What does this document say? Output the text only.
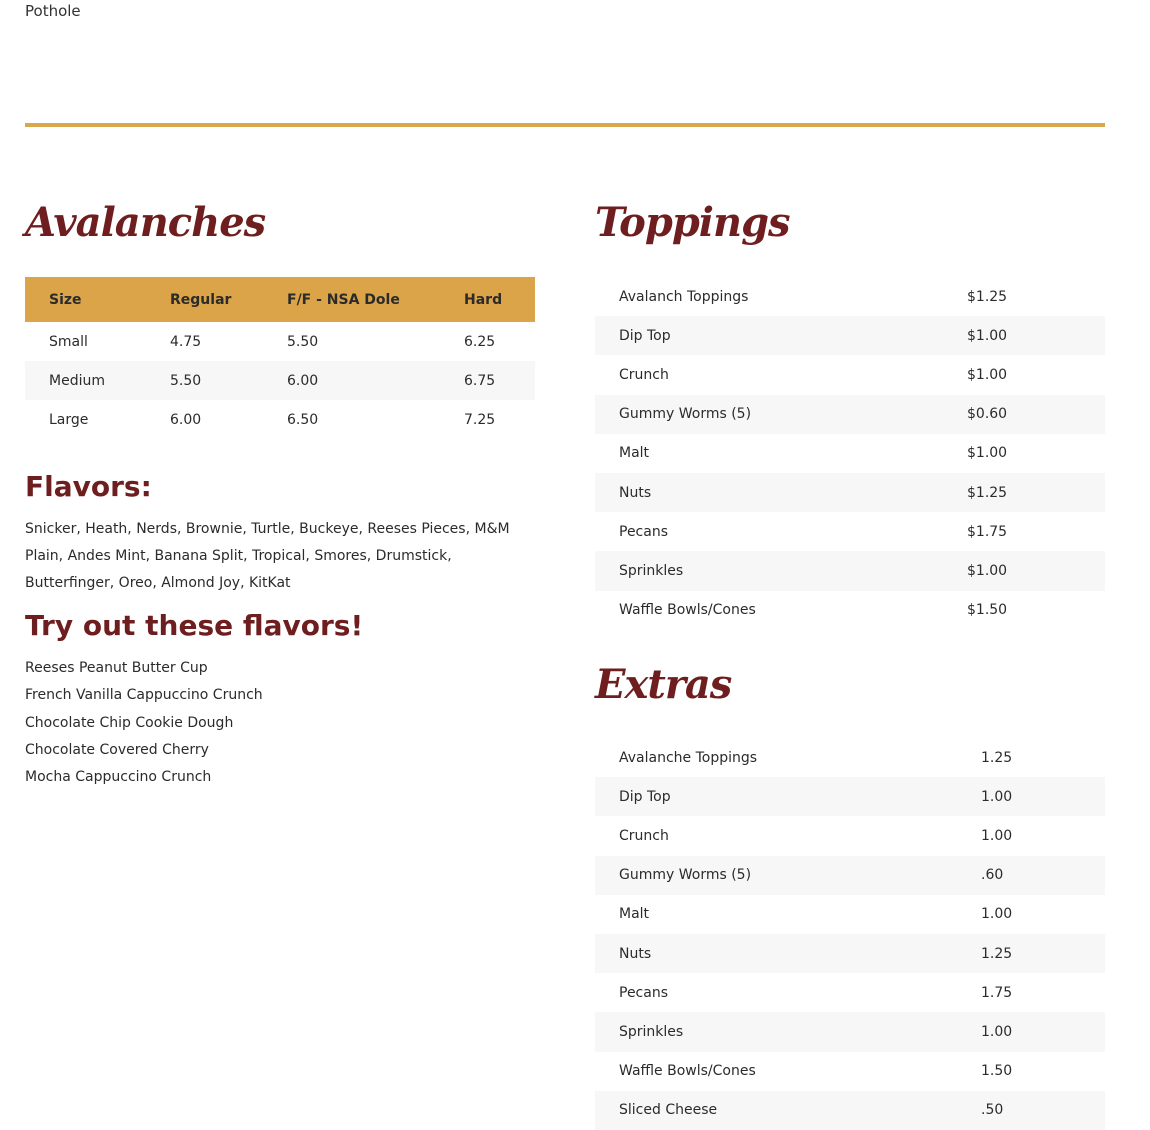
Pothole
Avalanches
Size	Regular	F/F - NSA Dole	Hard
Small	4.75	5.50	6.25
Medium	5.50	6.00	6.75
Large	6.00	6.50	7.25
Flavors:
Snicker, Heath, Nerds, Brownie, Turtle, Buckeye, Reeses Pieces, M&M Plain, Andes Mint, Banana Split, Tropical, Smores, Drumstick, Butterfinger, Oreo, Almond Joy, KitKat
Try out these flavors!
Reeses Peanut Butter Cup
French Vanilla Cappuccino Crunch
Chocolate Chip Cookie Dough
Chocolate Covered Cherry
Mocha Cappuccino Crunch
Toppings
Avalanch Toppings	$1.25
Dip Top	$1.00
Crunch	$1.00
Gummy Worms (5)	$0.60
Malt	$1.00
Nuts	$1.25
Pecans	$1.75
Sprinkles	$1.00
Waffle Bowls/Cones	$1.50
Extras
Avalanche Toppings	1.25
Dip Top	1.00
Crunch	1.00
Gummy Worms (5)	.60
Malt	1.00
Nuts	1.25
Pecans	1.75
Sprinkles	1.00
Waffle Bowls/Cones	1.50
Sliced Cheese	.50
